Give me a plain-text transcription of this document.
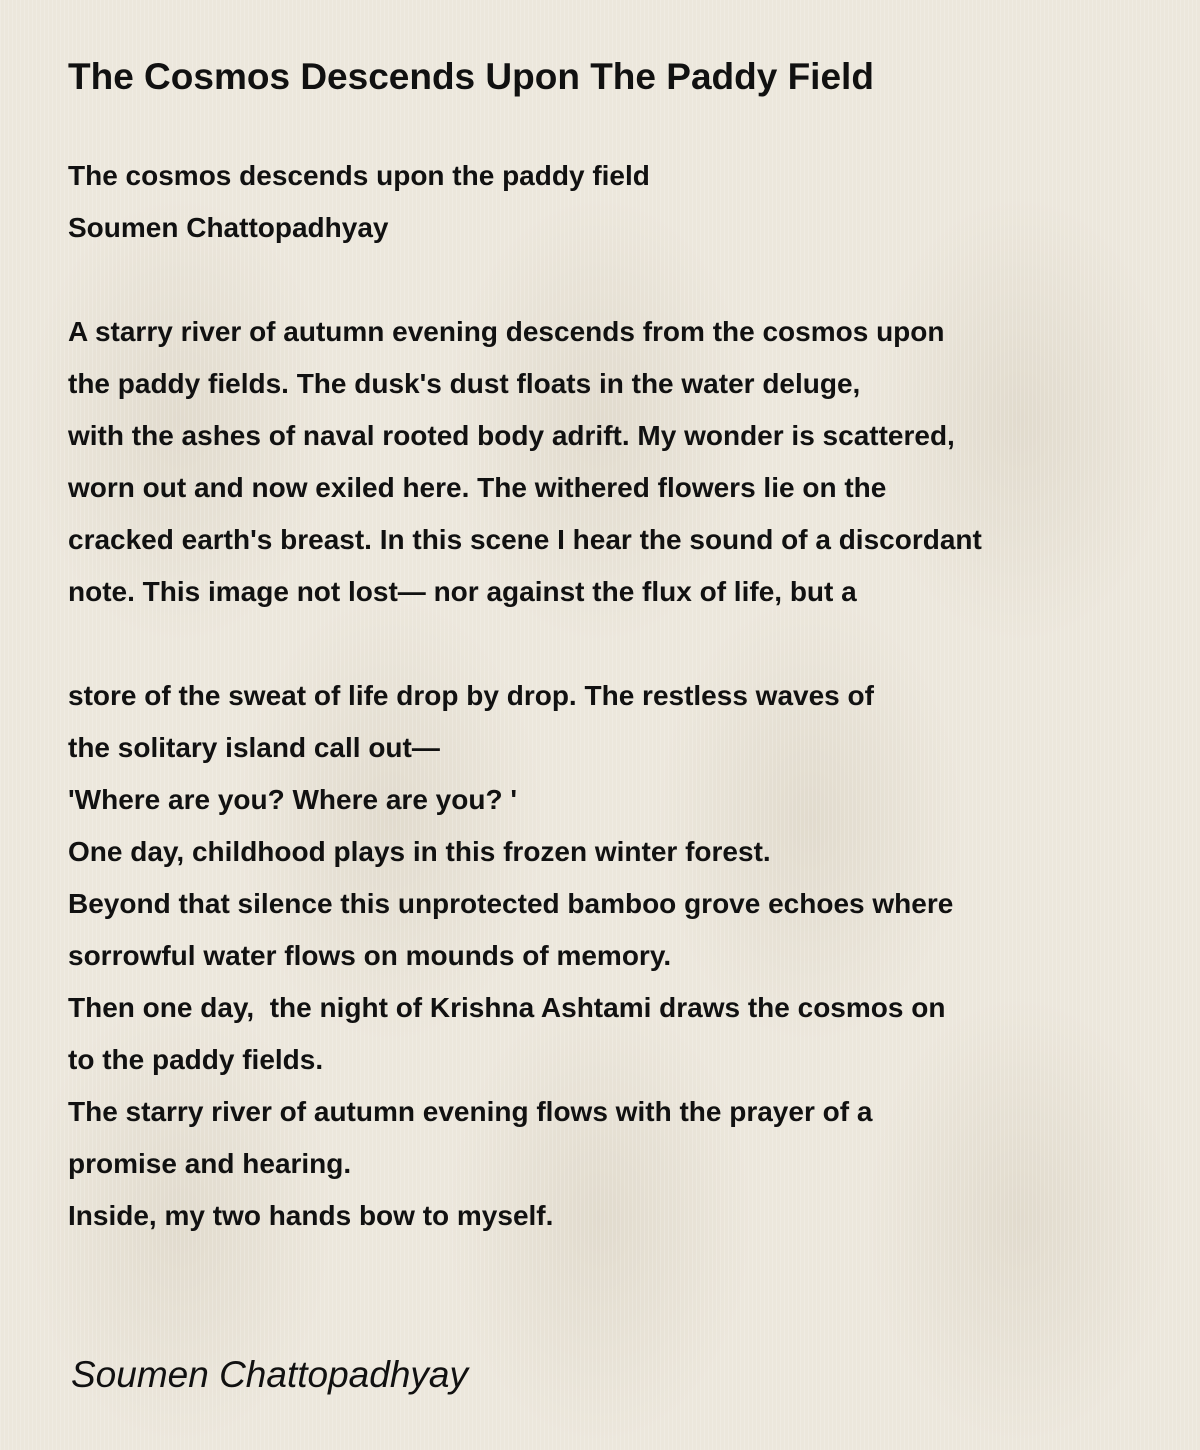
The Cosmos Descends Upon The Paddy Field
The cosmos descends upon the paddy field
Soumen Chattopadhyay
A starry river of autumn evening descends from the cosmos upon
the paddy fields. The dusk's dust floats in the water deluge,
with the ashes of naval rooted body adrift. My wonder is scattered,
worn out and now exiled here. The withered flowers lie on the
cracked earth's breast. In this scene I hear the sound of a discordant
note. This image not lost— nor against the flux of life, but a
store of the sweat of life drop by drop. The restless waves of
the solitary island call out—
'Where are you? Where are you? '
One day, childhood plays in this frozen winter forest.
Beyond that silence this unprotected bamboo grove echoes where
sorrowful water flows on mounds of memory.
Then one day,  the night of Krishna Ashtami draws the cosmos on
to the paddy fields.
The starry river of autumn evening flows with the prayer of a
promise and hearing.
Inside, my two hands bow to myself.
Soumen Chattopadhyay
